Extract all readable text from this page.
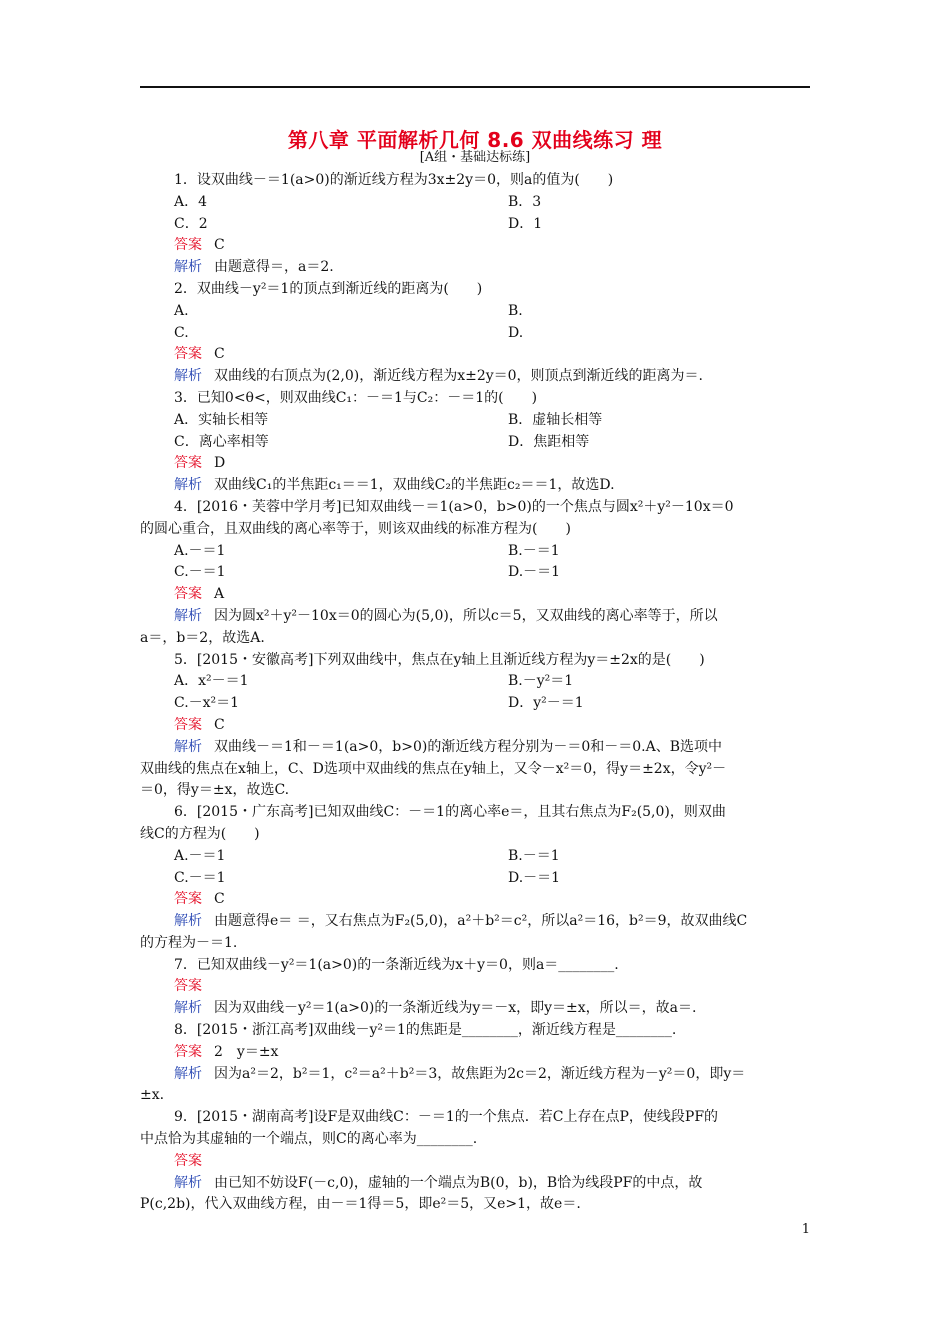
第八章 平面解析几何 8.6 双曲线练习 理
[A组・基础达标练]
1．设双曲线－＝1(a>0)的渐近线方程为3x±2y＝0，则a的值为(　　)
A．4	B．3
C．2	D．1
答案 C
解析 由题意得＝，a＝2.
2．双曲线－y²＝1的顶点到渐近线的距离为(　　)
A.	B.
C.	D.
答案 C
解析 双曲线的右顶点为(2,0)，渐近线方程为x±2y＝0，则顶点到渐近线的距离为＝.
3．已知0<θ<，则双曲线C₁：－＝1与C₂：－＝1的(　　)
A．实轴长相等	B．虚轴长相等
C．离心率相等	D．焦距相等
答案 D
解析 双曲线C₁的半焦距c₁＝＝1，双曲线C₂的半焦距c₂＝＝1，故选D.
4．[2016・芙蓉中学月考]已知双曲线－＝1(a>0，b>0)的一个焦点与圆x²＋y²－10x＝0
的圆心重合，且双曲线的离心率等于，则该双曲线的标准方程为(　　)
A.－＝1	B.－＝1
C.－＝1	D.－＝1
答案 A
解析 因为圆x²＋y²－10x＝0的圆心为(5,0)，所以c＝5，又双曲线的离心率等于，所以
a＝，b＝2，故选A.
5．[2015・安徽高考]下列双曲线中，焦点在y轴上且渐近线方程为y＝±2x的是(　　)
A．x²－＝1	B.－y²＝1
C.－x²＝1	D．y²－＝1
答案 C
解析 双曲线－＝1和－＝1(a>0，b>0)的渐近线方程分别为－＝0和－＝0.A、B选项中
双曲线的焦点在x轴上，C、D选项中双曲线的焦点在y轴上，又令－x²＝0，得y＝±2x，令y²－
＝0，得y＝±x，故选C.
6．[2015・广东高考]已知双曲线C：－＝1的离心率e＝，且其右焦点为F₂(5,0)，则双曲
线C的方程为(　　)
A.－＝1	B.－＝1
C.－＝1	D.－＝1
答案 C
解析 由题意得e＝ ＝，又右焦点为F₂(5,0)，a²＋b²＝c²，所以a²＝16，b²＝9，故双曲线C
的方程为－＝1.
7．已知双曲线－y²＝1(a>0)的一条渐近线为x＋y＝0，则a＝________.
答案
解析 因为双曲线－y²＝1(a>0)的一条渐近线为y＝－x，即y＝±x，所以＝，故a＝.
8．[2015・浙江高考]双曲线－y²＝1的焦距是________，渐近线方程是________.
答案 2　y＝±x
解析 因为a²＝2，b²＝1，c²＝a²＋b²＝3，故焦距为2c＝2，渐近线方程为－y²＝0，即y＝
±x.
9．[2015・湖南高考]设F是双曲线C：－＝1的一个焦点．若C上存在点P，使线段PF的
中点恰为其虚轴的一个端点，则C的离心率为________.
答案
解析 由已知不妨设F(－c,0)，虚轴的一个端点为B(0，b)，B恰为线段PF的中点，故
P(c,2b)，代入双曲线方程，由－＝1得＝5，即e²＝5，又e>1，故e＝.
1
